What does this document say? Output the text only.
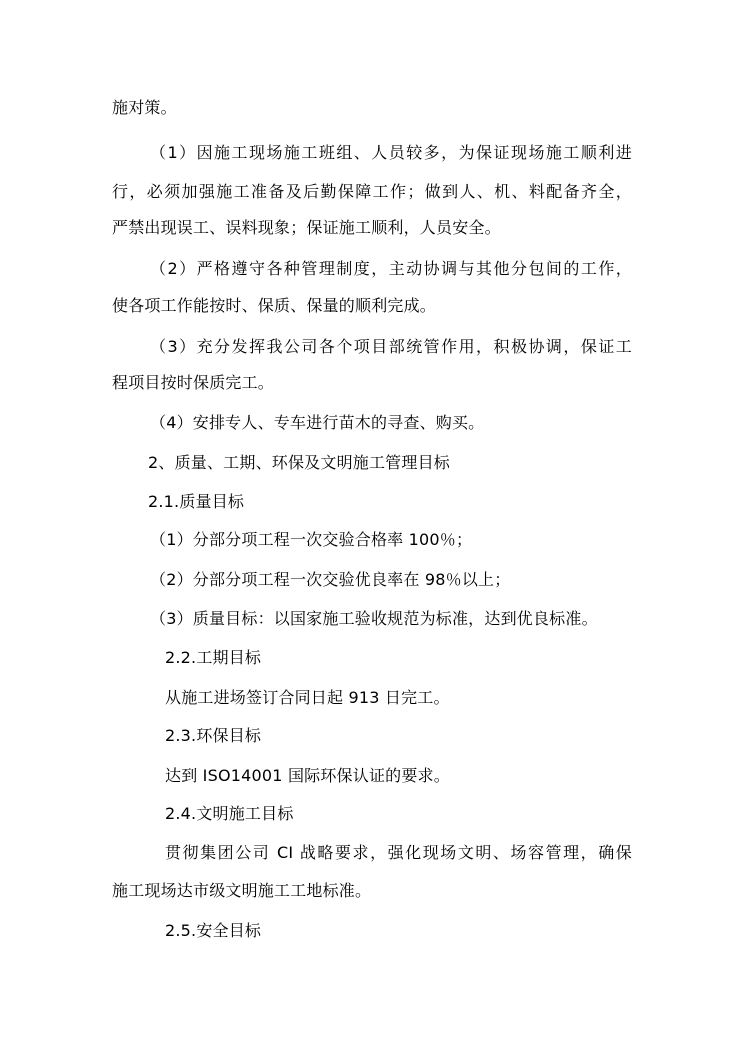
施对策。
（1）因施工现场施工班组、人员较多，为保证现场施工顺利进
行，必须加强施工准备及后勤保障工作；做到人、机、料配备齐全，
严禁出现误工、误料现象；保证施工顺利，人员安全。
（2）严格遵守各种管理制度，主动协调与其他分包间的工作，
使各项工作能按时、保质、保量的顺利完成。
（3）充分发挥我公司各个项目部统管作用，积极协调，保证工
程项目按时保质完工。
（4）安排专人、专车进行苗木的寻查、购买。
2、质量、工期、环保及文明施工管理目标
2.1.质量目标
（1）分部分项工程一次交验合格率 100％；
（2）分部分项工程一次交验优良率在 98％以上；
（3）质量目标：以国家施工验收规范为标准，达到优良标准。
2.2.工期目标
从施工进场签订合同日起 913 日完工。
2.3.环保目标
达到 ISO14001 国际环保认证的要求。
2.4.文明施工目标
贯彻集团公司 CI 战略要求，强化现场文明、场容管理，确保
施工现场达市级文明施工工地标准。
2.5.安全目标
